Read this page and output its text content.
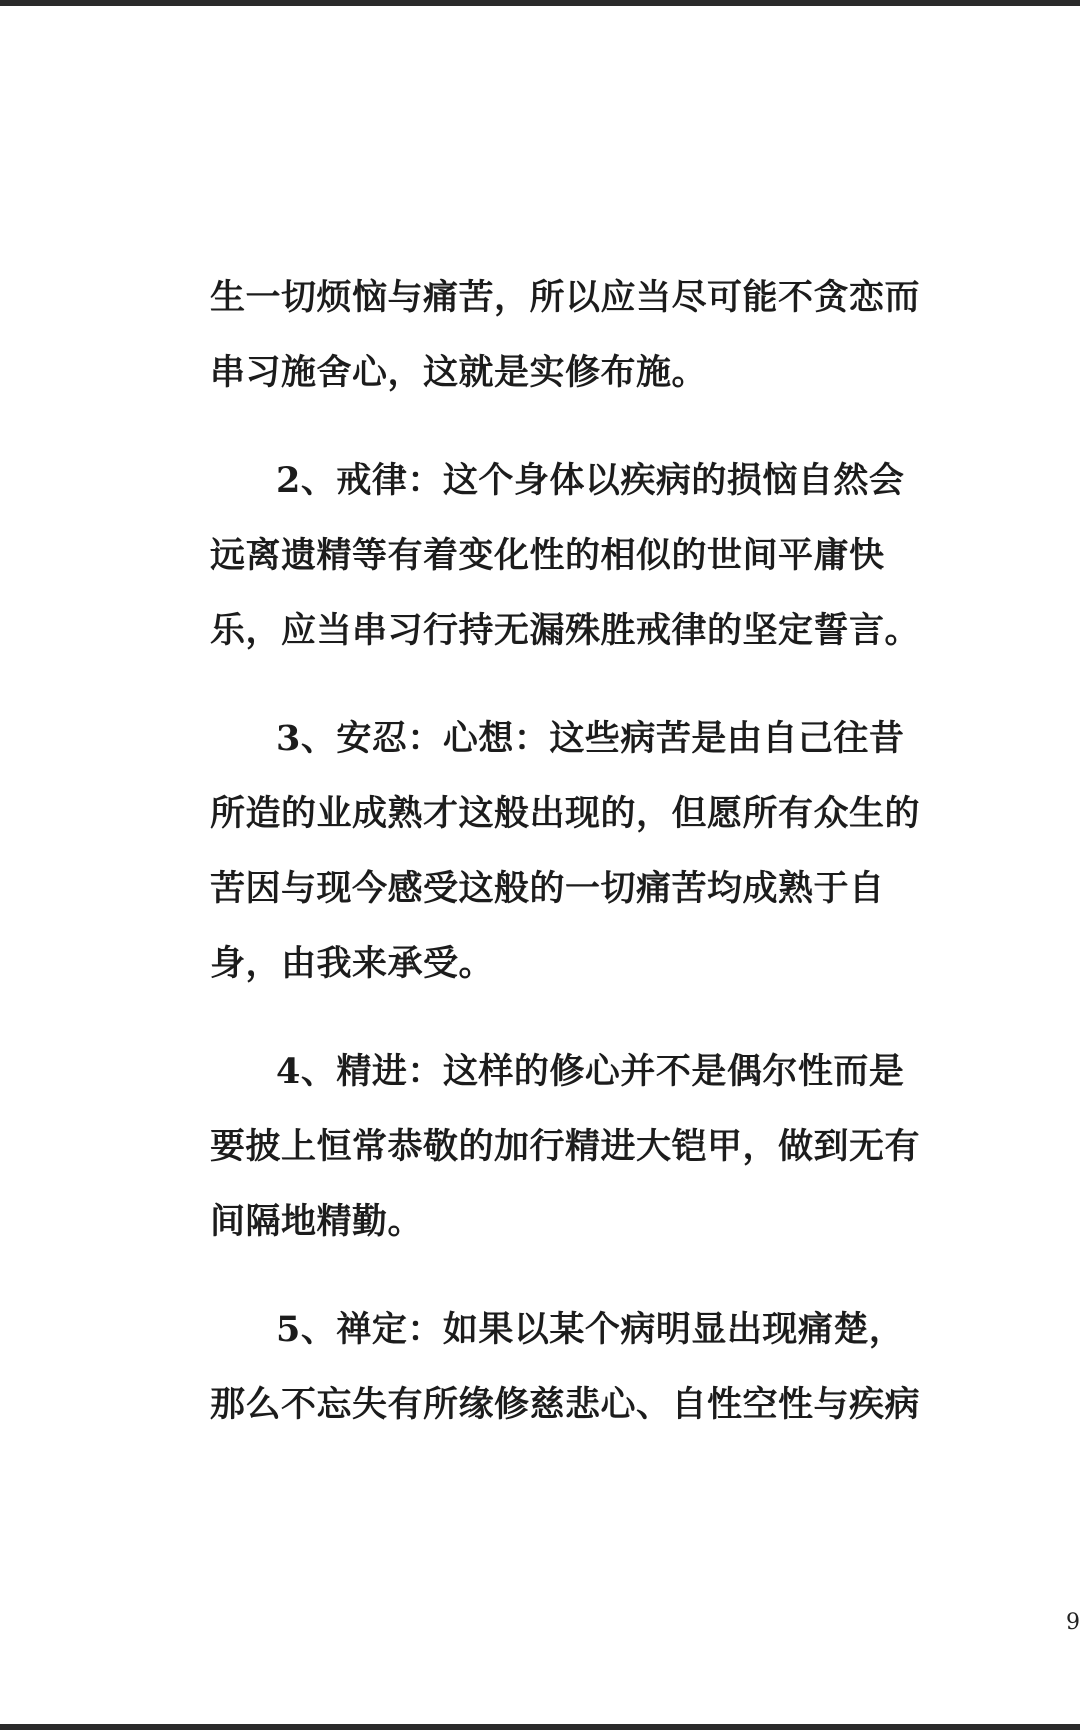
生一切烦恼与痛苦，所以应当尽可能不贪恋而
串习施舍心，这就是实修布施。
2、戒律：这个身体以疾病的损恼自然会
远离遗精等有着变化性的相似的世间平庸快
乐，应当串习行持无漏殊胜戒律的坚定誓言。
3、安忍：心想：这些病苦是由自己往昔
所造的业成熟才这般出现的，但愿所有众生的
苦因与现今感受这般的一切痛苦均成熟于自
身，由我来承受。
4、精进：这样的修心并不是偶尔性而是
要披上恒常恭敬的加行精进大铠甲，做到无有
间隔地精勤。
5、禅定：如果以某个病明显出现痛楚，
那么不忘失有所缘修慈悲心、自性空性与疾病
9
